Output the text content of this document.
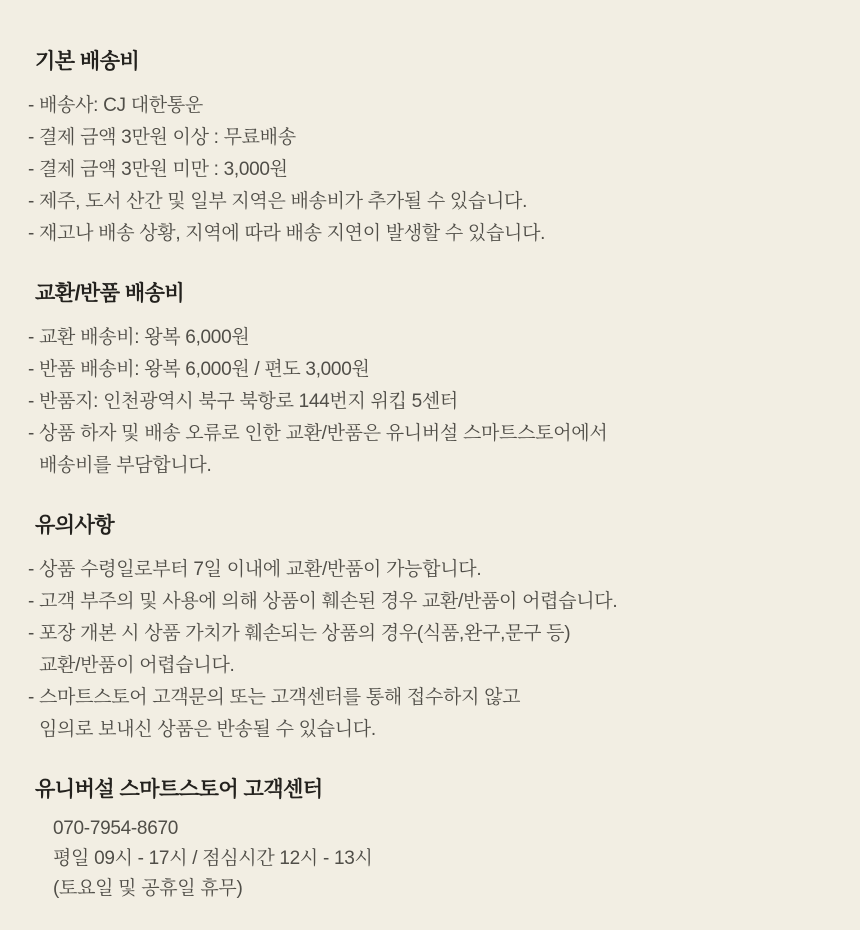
기본 배송비

- 배송사: CJ 대한통운

- 결제 금액 3만원 이상 : 무료배송

- 결제 금액 3만원 미만 : 3,000원

- 제주, 도서 산간 및 일부 지역은 배송비가 추가될 수 있습니다.

- 재고나 배송 상황, 지역에 따라 배송 지연이 발생할 수 있습니다.

교환/반품 배송비

- 교환 배송비: 왕복 6,000원

- 반품 배송비: 왕복 6,000원 / 편도 3,000원

- 반품지: 인천광역시 북구 북항로 144번지 위킵 5센터

- 상품 하자 및 배송 오류로 인한 교환/반품은 유니버설 스마트스토어에서

배송비를 부담합니다.

유의사항

- 상품 수령일로부터 7일 이내에 교환/반품이 가능합니다.

- 고객 부주의 및 사용에 의해 상품이 훼손된 경우 교환/반품이 어렵습니다.

- 포장 개본 시 상품 가치가 훼손되는 상품의 경우(식품,완구,문구 등)

교환/반품이 어렵습니다.

- 스마트스토어 고객문의 또는 고객센터를 통해 접수하지 않고

임의로 보내신 상품은 반송될 수 있습니다.

유니버설 스마트스토어 고객센터

070-7954-8670

평일 09시 - 17시 / 점심시간 12시 - 13시

(토요일 및 공휴일 휴무)
